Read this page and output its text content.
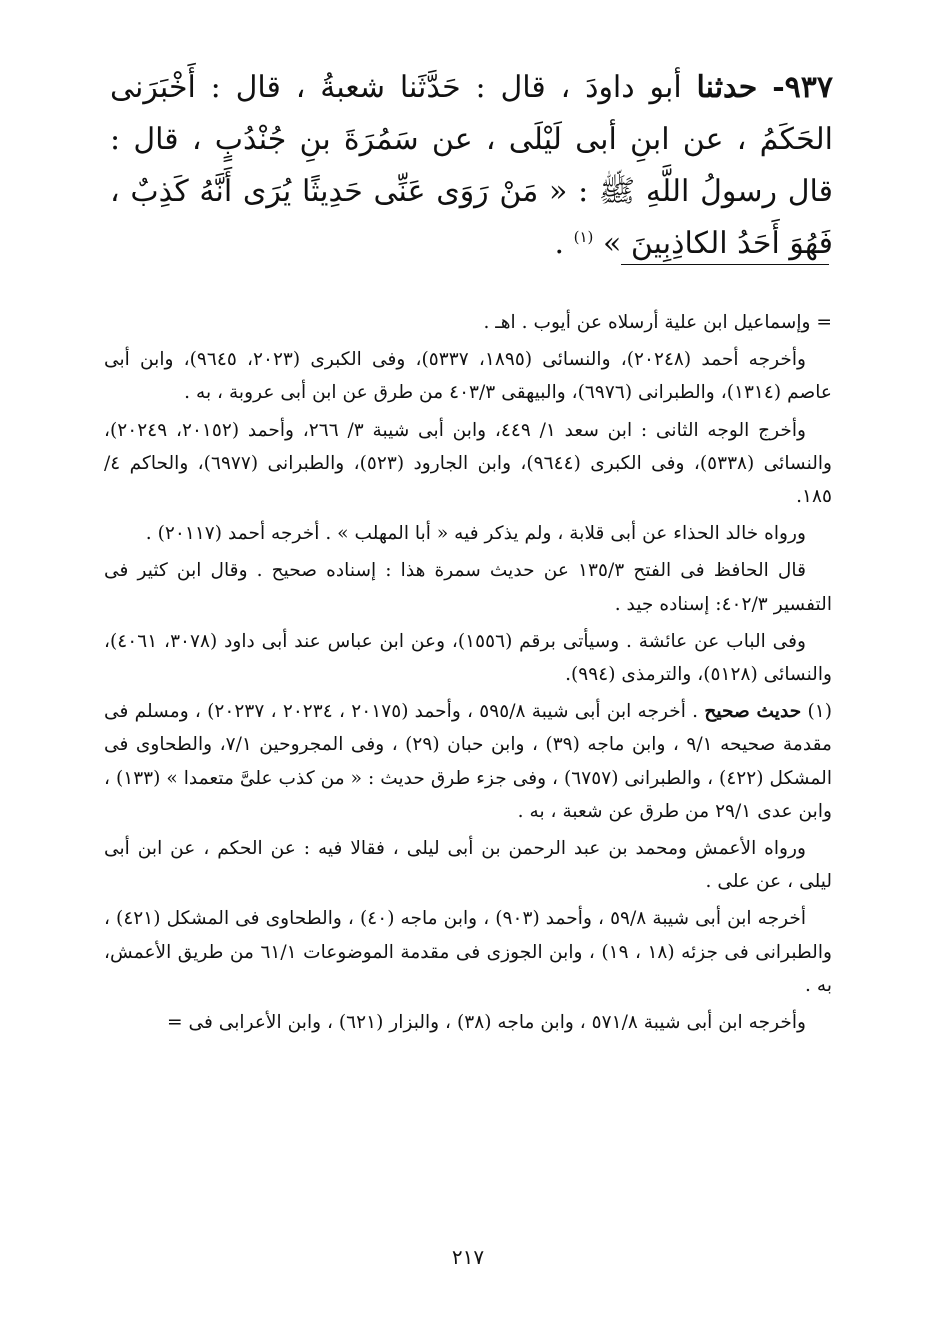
٩٣٧- حدثنا أبو داودَ ، قال : حَدَّثَنا شعبةُ ، قال : أَخْبَرَنى الحَكَمُ ، عن ابنِ أبى لَيْلَى ، عن سَمُرَةَ بنِ جُنْدُبٍ ، قال : قال رسولُ اللَّهِ ﷺ : « مَنْ رَوَى عَنِّى حَدِيثًا يُرَى أَنَّهُ كَذِبٌ ، فَهُوَ أَحَدُ الكاذِبِينَ » $^{(١)}$ .

= وإسماعيل ابن علية أرسلاه عن أيوب . اهـ .

وأخرجه أحمد (٢٠٢٤٨)، والنسائى (١٨٩٥، ٥٣٣٧)، وفى الكبرى (٢٠٢٣، ٩٦٤٥)، وابن أبى عاصم (١٣١٤)، والطبرانى (٦٩٧٦)، والبيهقى ٤٠٣/٣ من طرق عن ابن أبى عروبة ، به .

وأخرج الوجه الثانى : ابن سعد ١/ ٤٤٩، وابن أبى شيبة ٣/ ٢٦٦، وأحمد (٢٠١٥٢، ٢٠٢٤٩)، والنسائى (٥٣٣٨)، وفى الكبرى (٩٦٤٤)، وابن الجارود (٥٢٣)، والطبرانى (٦٩٧٧)، والحاكم ٤/ ١٨٥.

ورواه خالد الحذاء عن أبى قلابة ، ولم يذكر فيه « أبا المهلب » . أخرجه أحمد (٢٠١١٧) .

قال الحافظ فى الفتح ١٣٥/٣ عن حديث سمرة هذا : إسناده صحيح . وقال ابن كثير فى التفسير ٤٠٢/٣: إسناده جيد .

وفى الباب عن عائشة . وسيأتى برقم (١٥٥٦)، وعن ابن عباس عند أبى داود (٣٠٧٨، ٤٠٦١)، والنسائى (٥١٢٨)، والترمذى (٩٩٤).

(١) حديث صحيح . أخرجه ابن أبى شيبة ٥٩٥/٨ ، وأحمد (٢٠١٧٥ ، ٢٠٢٣٤ ، ٢٠٢٣٧) ، ومسلم فى مقدمة صحيحه ٩/١ ، وابن ماجه (٣٩) ، وابن حبان (٢٩) ، وفى المجروحين ٧/١، والطحاوى فى المشكل (٤٢٢) ، والطبرانى (٦٧٥٧) ، وفى جزء طرق حديث : « من كذب علىَّ متعمدا » (١٣٣) ، وابن عدى ٢٩/١ من طرق عن شعبة ، به .

ورواه الأعمش ومحمد بن عبد الرحمن بن أبى ليلى ، فقالا فيه : عن الحكم ، عن ابن أبى ليلى ، عن على .

أخرجه ابن أبى شيبة ٥٩/٨ ، وأحمد (٩٠٣) ، وابن ماجه (٤٠) ، والطحاوى فى المشكل (٤٢١) ، والطبرانى فى جزئه (١٨ ، ١٩) ، وابن الجوزى فى مقدمة الموضوعات ٦١/١ من طريق الأعمش، به .

وأخرجه ابن أبى شيبة ٥٧١/٨ ، وابن ماجه (٣٨) ، والبزار (٦٢١) ، وابن الأعرابى فى =

٢١٧
